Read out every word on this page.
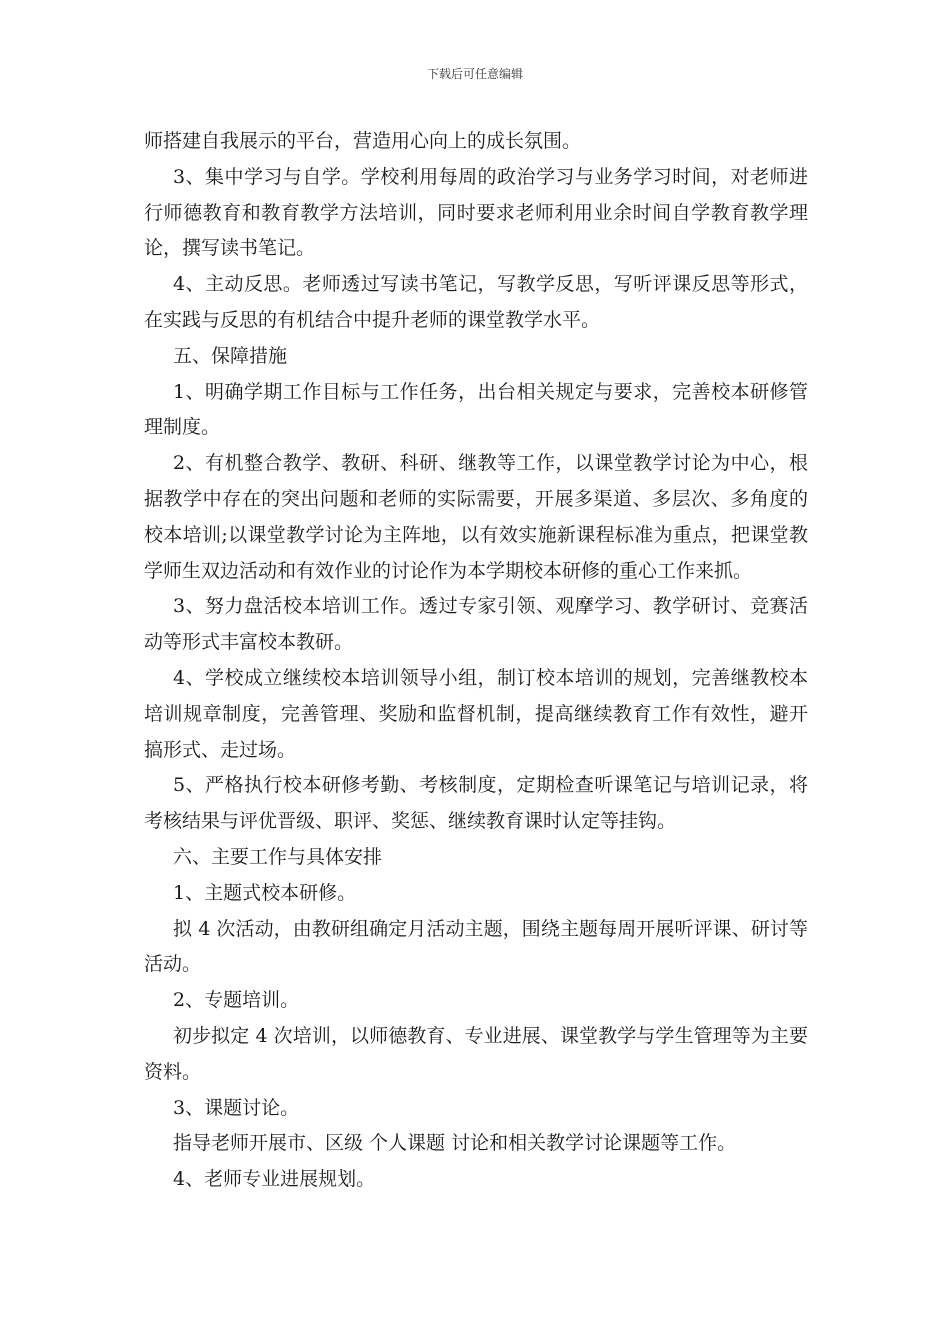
下载后可任意编辑
师搭建自我展示的平台，营造用心向上的成长氛围。
3、集中学习与自学。学校利用每周的政治学习与业务学习时间，对老师进
行师德教育和教育教学方法培训，同时要求老师利用业余时间自学教育教学理
论，撰写读书笔记。
4、主动反思。老师透过写读书笔记，写教学反思，写听评课反思等形式，
在实践与反思的有机结合中提升老师的课堂教学水平。
五、保障措施
1、明确学期工作目标与工作任务，出台相关规定与要求，完善校本研修管
理制度。
2、有机整合教学、教研、科研、继教等工作，以课堂教学讨论为中心，根
据教学中存在的突出问题和老师的实际需要，开展多渠道、多层次、多角度的
校本培训;以课堂教学讨论为主阵地，以有效实施新课程标准为重点，把课堂教
学师生双边活动和有效作业的讨论作为本学期校本研修的重心工作来抓。
3、努力盘活校本培训工作。透过专家引领、观摩学习、教学研讨、竞赛活
动等形式丰富校本教研。
4、学校成立继续校本培训领导小组，制订校本培训的规划，完善继教校本
培训规章制度，完善管理、奖励和监督机制，提高继续教育工作有效性，避开
搞形式、走过场。
5、严格执行校本研修考勤、考核制度，定期检查听课笔记与培训记录，将
考核结果与评优晋级、职评、奖惩、继续教育课时认定等挂钩。
六、主要工作与具体安排
1、主题式校本研修。
拟 4 次活动，由教研组确定月活动主题，围绕主题每周开展听评课、研讨等
活动。
2、专题培训。
初步拟定 4 次培训，以师德教育、专业进展、课堂教学与学生管理等为主要
资料。
3、课题讨论。
指导老师开展市、区级 个人课题 讨论和相关教学讨论课题等工作。
4、老师专业进展规划。
